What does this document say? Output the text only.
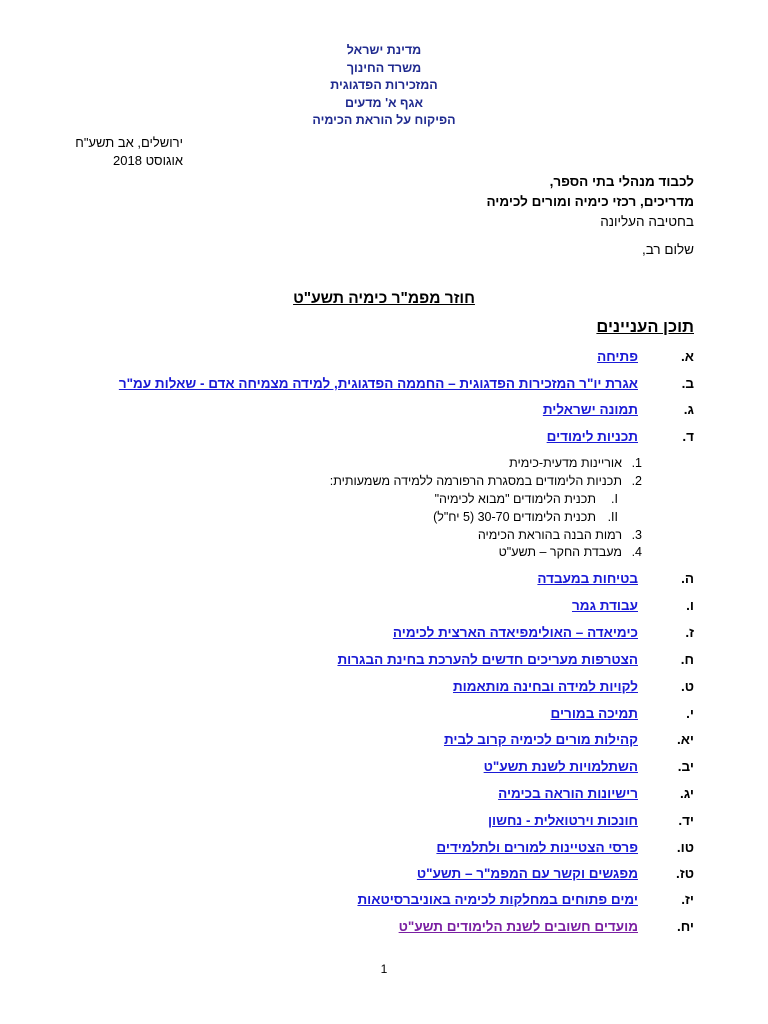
מדינת ישראל
משרד החינוך
המזכירות הפדגוגית
אגף א' מדעים
הפיקוח על הוראת הכימיה
ירושלים, אב תשע"ח
אוגוסט 2018
לכבוד מנהלי בתי הספר,
מדריכים, רכזי כימיה ומורים לכימיה
בחטיבה העליונה
שלום רב,
חוזר מפמ"ר כימיה תשע"ט
תוכן העניינים
א.
פתיחה
ב.
אגרת יו"ר המזכירות הפדגוגית – החממה הפדגוגית, למידה מצמיחה אדם - שאלות עמ"ר
ג.
תמונה ישראלית
ד.
תכניות לימודים
1.אוריינות מדעית-כימית
2.תכניות הלימודים במסגרת הרפורמה ללמידה משמעותית:
I.תכנית הלימודים "מבוא לכימיה"
II.תכנית הלימודים 30-70 (5 יח"ל)
3.רמות הבנה בהוראת הכימיה
4.מעבדת החקר – תשע"ט
ה.
בטיחות במעבדה
ו.
עבודת גמר
ז.
כימיאדה – האולימפיאדה הארצית לכימיה
ח.
הצטרפות מעריכים חדשים להערכת בחינת הבגרות
ט.
לקויות למידה ובחינה מותאמות
י.
תמיכה במורים
יא.
קהילות מורים לכימיה קרוב לבית
יב.
השתלמויות לשנת תשע"ט
יג.
רישיונות הוראה בכימיה
יד.
חונכות וירטואלית - נחשון
טו.
פרסי הצטיינות למורים ולתלמידים
טז.
מפגשים וקשר עם המפמ"ר – תשע"ט
יז.
ימים פתוחים במחלקות לכימיה באוניברסיטאות
יח.
מועדים חשובים לשנת הלימודים תשע"ט
1
